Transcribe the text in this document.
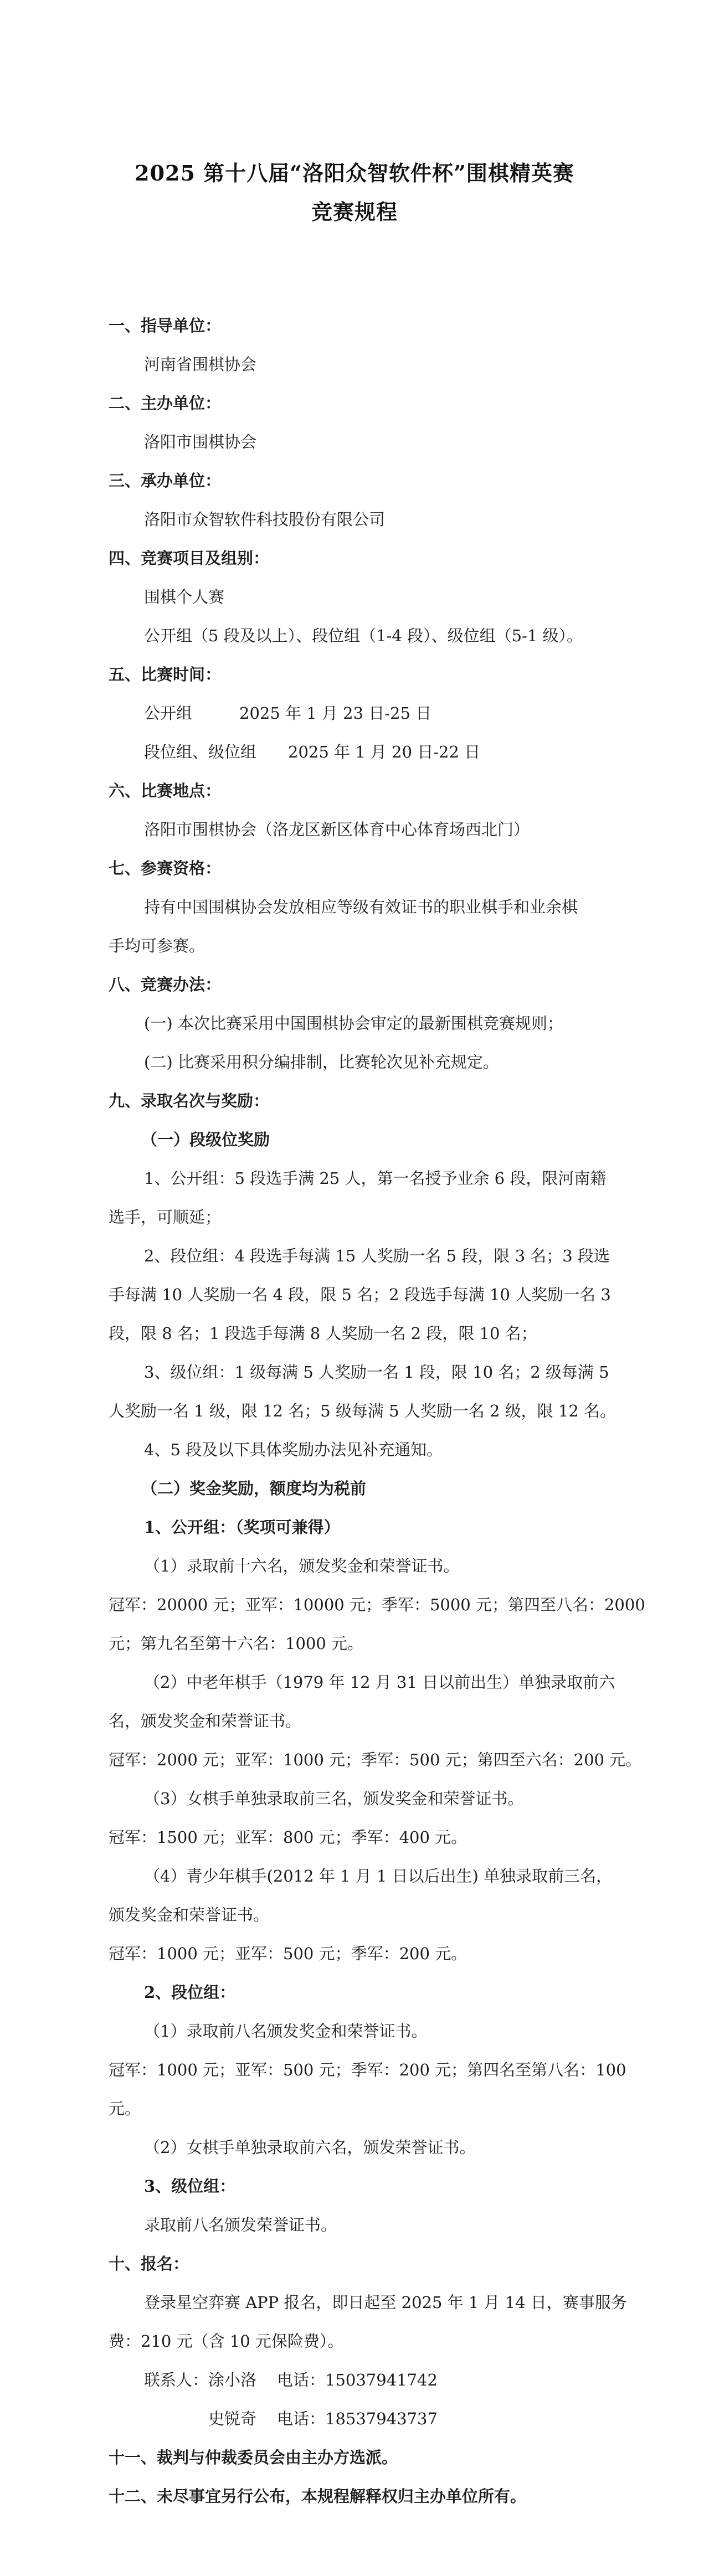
2025 第十八届“洛阳众智软件杯”围棋精英赛
竞赛规程
一、指导单位：
河南省围棋协会
二、主办单位：
洛阳市围棋协会
三、承办单位：
洛阳市众智软件科技股份有限公司
四、竞赛项目及组别：
围棋个人赛
公开组（5 段及以上）、段位组（1-4 段）、级位组（5-1 级）。
五、比赛时间：
公开组	2025 年 1 月 23 日-25 日
段位组、级位组 2025 年 1 月 20 日-22 日
六、比赛地点：
洛阳市围棋协会（洛龙区新区体育中心体育场西北门）
七、参赛资格：
持有中国围棋协会发放相应等级有效证书的职业棋手和业余棋
手均可参赛。
八、竞赛办法：
(一) 本次比赛采用中国围棋协会审定的最新围棋竞赛规则；
(二) 比赛采用积分编排制，比赛轮次见补充规定。
九、录取名次与奖励：
（一）段级位奖励
1、公开组：5 段选手满 25 人，第一名授予业余 6 段，限河南籍
选手，可顺延；
2、段位组：4 段选手每满 15 人奖励一名 5 段，限 3 名；3 段选
手每满 10 人奖励一名 4 段，限 5 名；2 段选手每满 10 人奖励一名 3
段，限 8 名；1 段选手每满 8 人奖励一名 2 段，限 10 名；
3、级位组：1 级每满 5 人奖励一名 1 段，限 10 名；2 级每满 5
人奖励一名 1 级，限 12 名；5 级每满 5 人奖励一名 2 级，限 12 名。
4、5 段及以下具体奖励办法见补充通知。
（二）奖金奖励，额度均为税前
1、公开组：（奖项可兼得）
（1）录取前十六名，颁发奖金和荣誉证书。
冠军：20000 元；亚军：10000 元；季军：5000 元；第四至八名：2000
元；第九名至第十六名：1000 元。
（2）中老年棋手（1979 年 12 月 31 日以前出生）单独录取前六
名，颁发奖金和荣誉证书。
冠军：2000 元；亚军：1000 元；季军：500 元；第四至六名：200 元。
（3）女棋手单独录取前三名，颁发奖金和荣誉证书。
冠军：1500 元；亚军：800 元；季军：400 元。
（4）青少年棋手(2012 年 1 月 1 日以后出生) 单独录取前三名，
颁发奖金和荣誉证书。
冠军：1000 元；亚军：500 元；季军：200 元。
2、段位组：
（1）录取前八名颁发奖金和荣誉证书。
冠军：1000 元；亚军：500 元；季军：200 元；第四名至第八名：100
元。
（2）女棋手单独录取前六名，颁发荣誉证书。
3、级位组：
录取前八名颁发荣誉证书。
十、报名：
登录星空弈赛 APP 报名，即日起至 2025 年 1 月 14 日，赛事服务
费：210 元（含 10 元保险费）。
联系人： 涂小洛 电话：15037941742
史锐奇 电话：18537943737
十一、裁判与仲裁委员会由主办方选派。
十二、未尽事宜另行公布，本规程解释权归主办单位所有。
